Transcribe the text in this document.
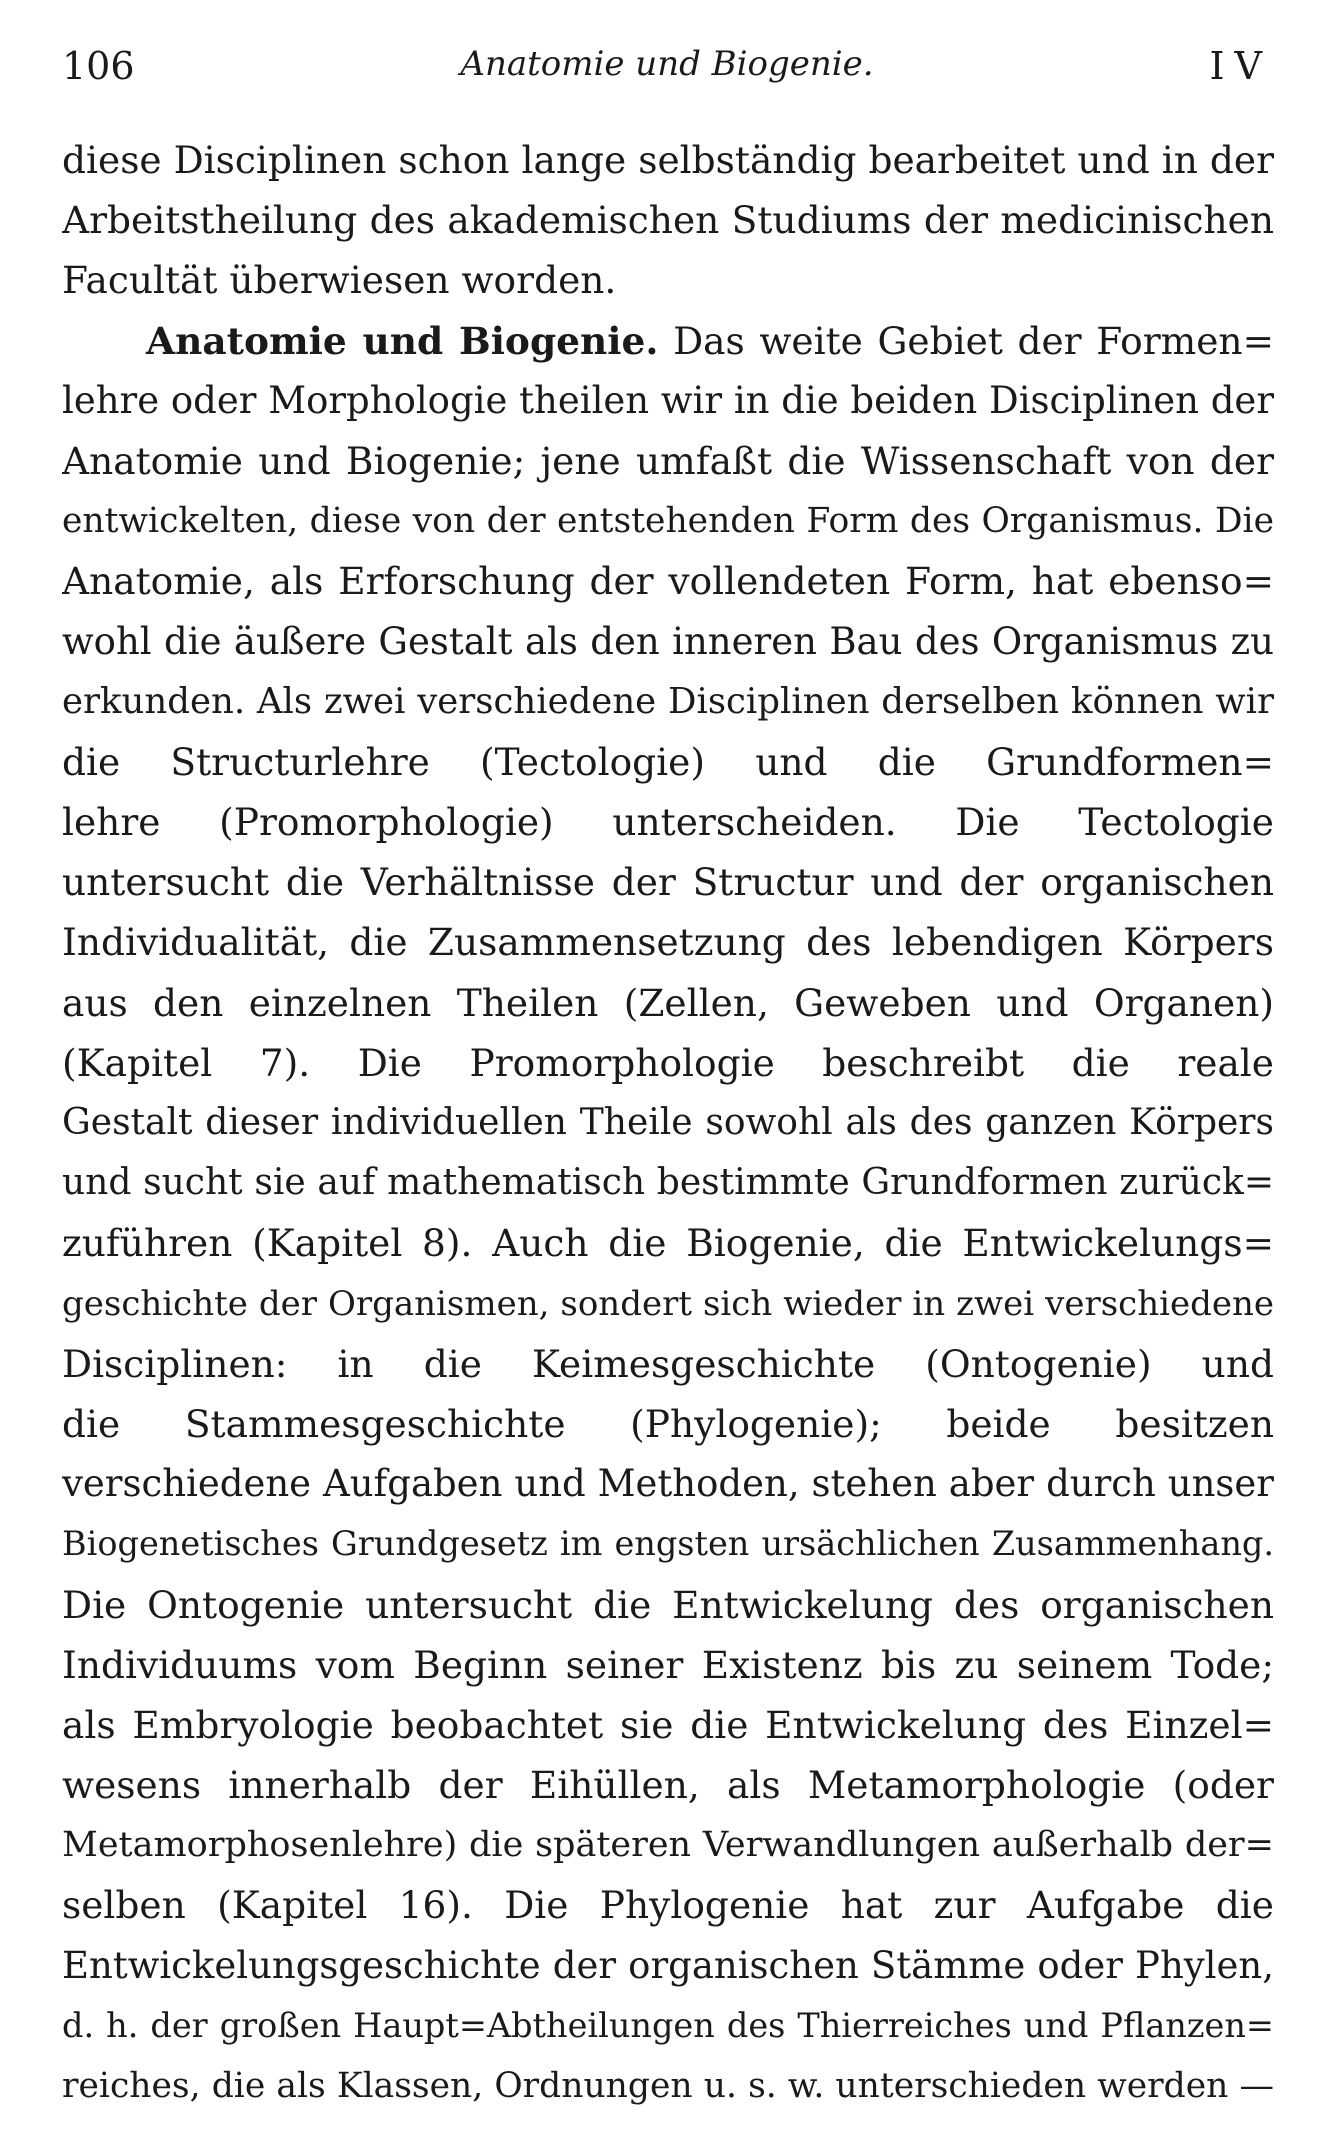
106	Anatomie und Biogenie.	IV
diese Disciplinen schon lange selbständig bearbeitet und in der
Arbeitstheilung des akademischen Studiums der medicinischen
Facultät überwiesen worden.
Anatomie und Biogenie. Das weite Gebiet der Formen=
lehre oder Morphologie theilen wir in die beiden Disciplinen der
Anatomie und Biogenie; jene umfaßt die Wissenschaft von der
entwickelten, diese von der entstehenden Form des Organismus. Die
Anatomie, als Erforschung der vollendeten Form, hat ebenso=
wohl die äußere Gestalt als den inneren Bau des Organismus zu
erkunden. Als zwei verschiedene Disciplinen derselben können wir
die Structurlehre (Tectologie) und die Grundformen=
lehre (Promorphologie) unterscheiden. Die Tectologie
untersucht die Verhältnisse der Structur und der organischen
Individualität, die Zusammensetzung des lebendigen Körpers
aus den einzelnen Theilen (Zellen, Geweben und Organen)
(Kapitel 7). Die Promorphologie beschreibt die reale
Gestalt dieser individuellen Theile sowohl als des ganzen Körpers
und sucht sie auf mathematisch bestimmte Grundformen zurück=
zuführen (Kapitel 8). Auch die Biogenie, die Entwickelungs=
geschichte der Organismen, sondert sich wieder in zwei verschiedene
Disciplinen: in die Keimesgeschichte (Ontogenie) und
die Stammesgeschichte (Phylogenie); beide besitzen
verschiedene Aufgaben und Methoden, stehen aber durch unser
Biogenetisches Grundgesetz im engsten ursächlichen Zusammenhang.
Die Ontogenie untersucht die Entwickelung des organischen
Individuums vom Beginn seiner Existenz bis zu seinem Tode;
als Embryologie beobachtet sie die Entwickelung des Einzel=
wesens innerhalb der Eihüllen, als Metamorphologie (oder
Metamorphosenlehre) die späteren Verwandlungen außerhalb der=
selben (Kapitel 16). Die Phylogenie hat zur Aufgabe die
Entwickelungsgeschichte der organischen Stämme oder Phylen,
d. h. der großen Haupt=Abtheilungen des Thierreiches und Pflanzen=
reiches, die als Klassen, Ordnungen u. s. w. unterschieden werden —
